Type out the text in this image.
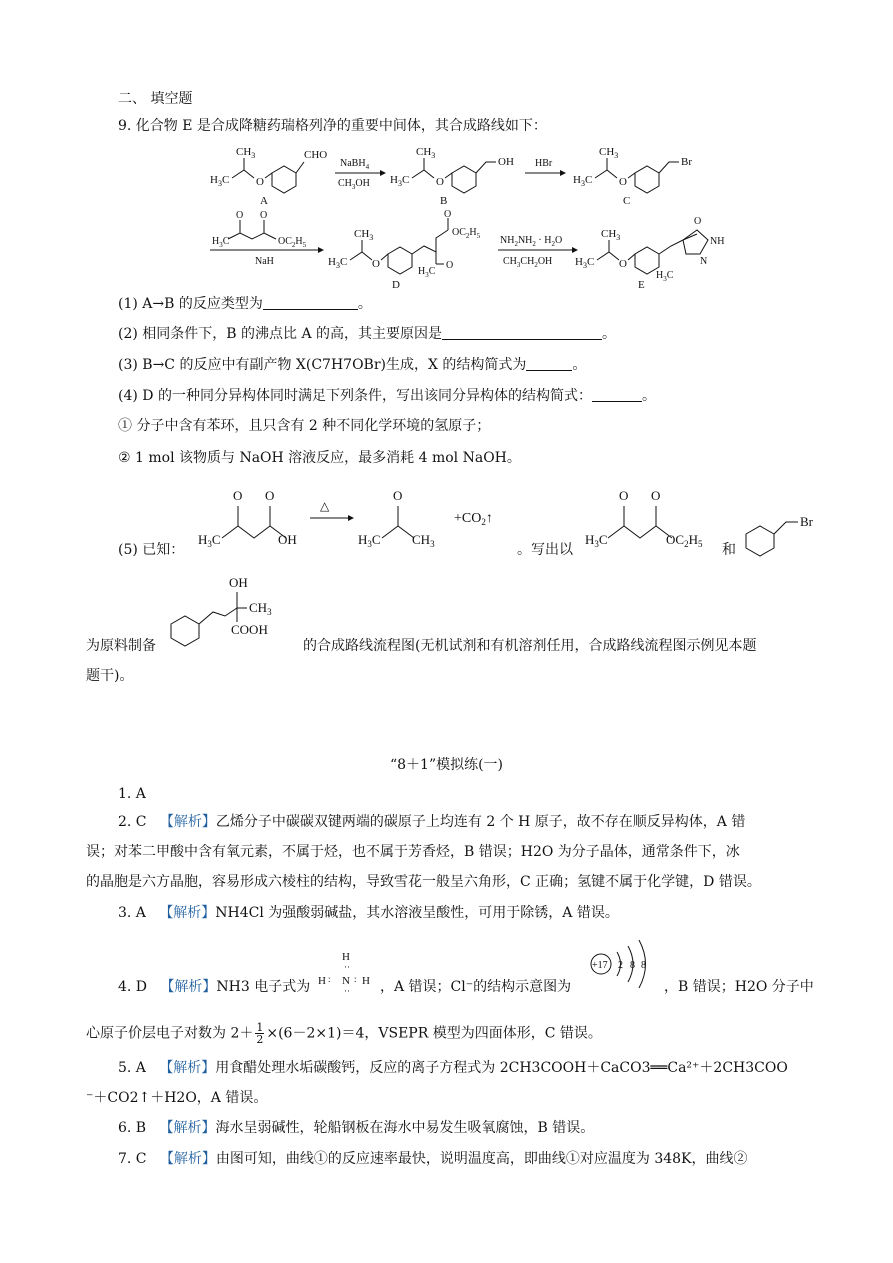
二、 填空题
9. 化合物 E 是合成降糖药瑞格列净的重要中间体，其合成路线如下：
$H_3C$
$CH_3$
O
CHO
A
NaBH$_4$
$CH_3OH$ $H_3C$
$CH_3$
O
OH
B
HBr
$H_3C$
$CH_3$
O
Br
C
$H_3C$
O O
$OC_2H_5$
NaH	$H_3C$
$CH_3$
O
O
$OC_2H_5$
O
$H_3C$
D
$NH_2NH_2 \cdot H_2O$
$CH_3CH_2OH$ $H_3C$
$CH_3$
O
O
NH
N
$H_3C$
E
(1) A→B 的反应类型为	。
(2) 相同条件下，B 的沸点比 A 的高，其主要原因是	。
(3) B→C 的反应中有副产物 X(C7H7OBr)生成，X 的结构简式为	。
(4) D 的一种同分异构体同时满足下列条件，写出该同分异构体的结构简式：	。
① 分子中含有苯环，且只含有 2 种不同化学环境的氢原子；
② 1 mol 该物质与 NaOH 溶液反应，最多消耗 4 mol NaOH。
(5) 已知：
$H_3C$
O O
OH
△
$H_3C$
O
$CH_3$
$+CO_2↑$
$H_3C$
O O
$OC_2H_5$
Br
。写出以	和
OH
$CH_3$
COOH
为原料制备	的合成路线流程图(无机试剂和有机溶剂任用，合成路线流程图示例见本题
题干)。
“8＋1”模拟练(一)
1. A
2. C 【解析】乙烯分子中碳碳双键两端的碳原子上均连有 2 个 H 原子，故不存在顺反异构体，A 错
误；对苯二甲酸中含有氧元素，不属于烃，也不属于芳香烃，B 错误；H2O 为分子晶体，通常条件下，冰
的晶胞是六方晶胞，容易形成六棱柱的结构，导致雪花一般呈六角形，C 正确；氢键不属于化学键，D 错误。
3. A 【解析】NH4Cl 为强酸弱碱盐，其水溶液呈酸性，可用于除锈，A 错误。
4. D 【解析】NH3 电子式为
H
··
H : N : H
·· ，A 错误；Cl⁻的结构示意图为
+17 2 8 8
，B 错误；H2O 分子中
心原子价层电子对数为 $2+ \frac{1}{2} \times(6-2\times 1)=4$，VSEPR 模型为四面体形，C 错误。
5. A 【解析】用食醋处理水垢碳酸钙，反应的离子方程式为 2CH3COOH＋CaCO3══Ca²⁺＋2CH3COO
⁻＋CO2↑＋H2O，A 错误。
6. B 【解析】海水呈弱碱性，轮船钢板在海水中易发生吸氧腐蚀，B 错误。
7. C 【解析】由图可知，曲线①的反应速率最快，说明温度高，即曲线①对应温度为 348K，曲线②
